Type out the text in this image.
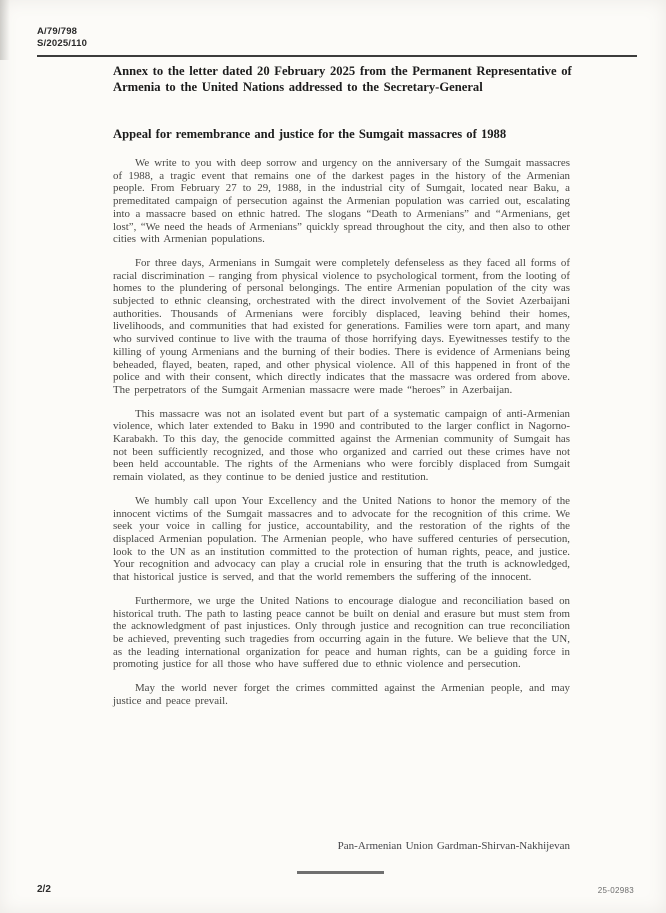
A/79/798
S/2025/110
Annex to the letter dated 20 February 2025 from the Permanent Representative of Armenia to the United Nations addressed to the Secretary-General
Appeal for remembrance and justice for the Sumgait massacres of 1988

We write to you with deep sorrow and urgency on the anniversary of the Sumgait massacres of 1988, a tragic event that remains one of the darkest pages in the history of the Armenian people. From February 27 to 29, 1988, in the industrial city of Sumgait, located near Baku, a premeditated campaign of persecution against the Armenian population was carried out, escalating into a massacre based on ethnic hatred. The slogans “Death to Armenians” and “Armenians, get lost”, “We need the heads of Armenians” quickly spread throughout the city, and then also to other cities with Armenian populations.

For three days, Armenians in Sumgait were completely defenseless as they faced all forms of racial discrimination – ranging from physical violence to psychological torment, from the looting of homes to the plundering of personal belongings. The entire Armenian population of the city was subjected to ethnic cleansing, orchestrated with the direct involvement of the Soviet Azerbaijani authorities. Thousands of Armenians were forcibly displaced, leaving behind their homes, livelihoods, and communities that had existed for generations. Families were torn apart, and many who survived continue to live with the trauma of those horrifying days. Eyewitnesses testify to the killing of young Armenians and the burning of their bodies. There is evidence of Armenians being beheaded, flayed, beaten, raped, and other physical violence. All of this happened in front of the police and with their consent, which directly indicates that the massacre was ordered from above. The perpetrators of the Sumgait Armenian massacre were made “heroes” in Azerbaijan.

This massacre was not an isolated event but part of a systematic campaign of anti-Armenian violence, which later extended to Baku in 1990 and contributed to the larger conflict in Nagorno-Karabakh. To this day, the genocide committed against the Armenian community of Sumgait has not been sufficiently recognized, and those who organized and carried out these crimes have not been held accountable. The rights of the Armenians who were forcibly displaced from Sumgait remain violated, as they continue to be denied justice and restitution.

We humbly call upon Your Excellency and the United Nations to honor the memory of the innocent victims of the Sumgait massacres and to advocate for the recognition of this crime. We seek your voice in calling for justice, accountability, and the restoration of the rights of the displaced Armenian population. The Armenian people, who have suffered centuries of persecution, look to the UN as an institution committed to the protection of human rights, peace, and justice. Your recognition and advocacy can play a crucial role in ensuring that the truth is acknowledged, that historical justice is served, and that the world remembers the suffering of the innocent.

Furthermore, we urge the United Nations to encourage dialogue and reconciliation based on historical truth. The path to lasting peace cannot be built on denial and erasure but must stem from the acknowledgment of past injustices. Only through justice and recognition can true reconciliation be achieved, preventing such tragedies from occurring again in the future. We believe that the UN, as the leading international organization for peace and human rights, can be a guiding force in promoting justice for all those who have suffered due to ethnic violence and persecution.

May the world never forget the crimes committed against the Armenian people, and may justice and peace prevail.

Pan-Armenian Union Gardman-Shirvan-Nakhijevan
2/2	25-02983
